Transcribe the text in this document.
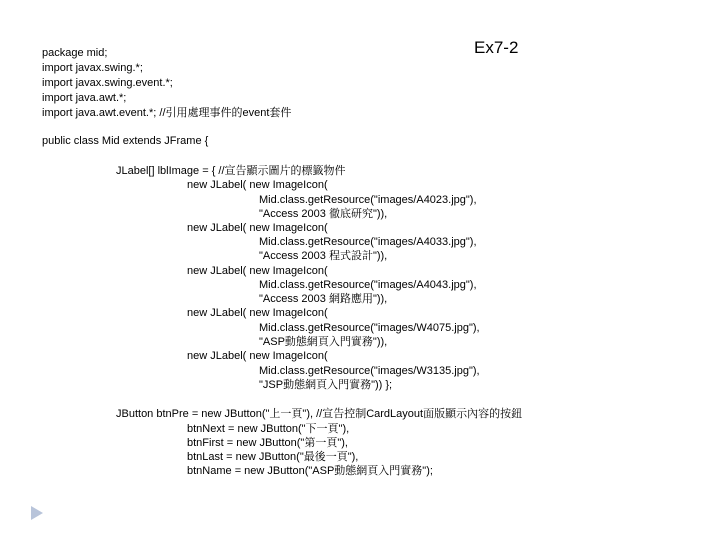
Ex7-2
package mid;
import javax.swing.*;
import javax.swing.event.*;
import java.awt.*;
import java.awt.event.*; //引用處理事件的event套件
public class Mid extends JFrame {
JLabel[] lblImage = { //宣告顯示圖片的標籤物件
new JLabel( new ImageIcon(
Mid.class.getResource("images/A4023.jpg"),
"Access 2003 徹底研究")),
new JLabel( new ImageIcon(
Mid.class.getResource("images/A4033.jpg"),
"Access 2003 程式設計")),
new JLabel( new ImageIcon(
Mid.class.getResource("images/A4043.jpg"),
"Access 2003 網路應用")),
new JLabel( new ImageIcon(
Mid.class.getResource("images/W4075.jpg"),
"ASP動態網頁入門實務")),
new JLabel( new ImageIcon(
Mid.class.getResource("images/W3135.jpg"),
"JSP動態網頁入門實務")) };
JButton btnPre = new JButton("上一頁"), //宣告控制CardLayout面版顯示內容的按鈕
btnNext = new JButton("下一頁"),
btnFirst = new JButton("第一頁"),
btnLast = new JButton("最後一頁"),
btnName = new JButton("ASP動態網頁入門實務");
